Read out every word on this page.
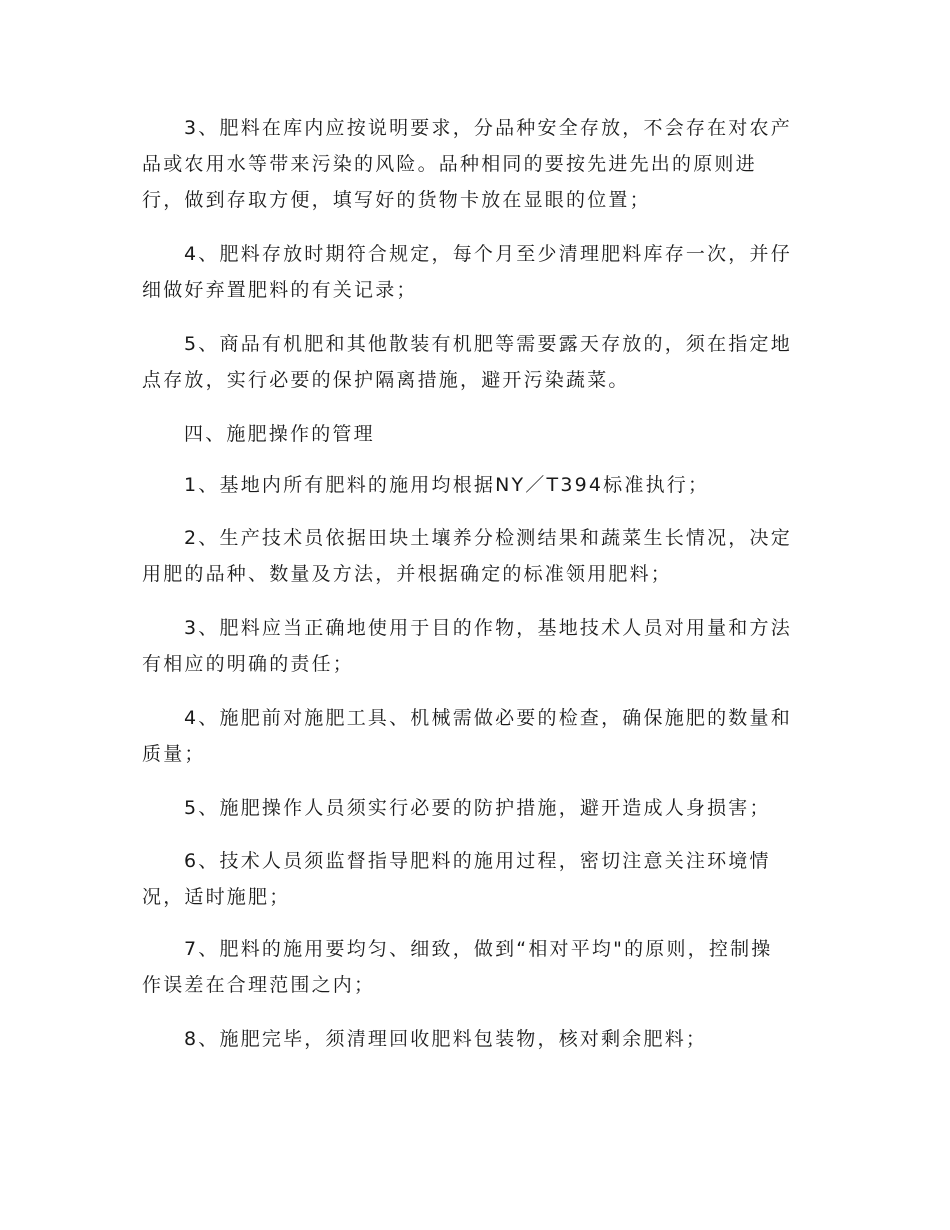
3、肥料在库内应按说明要求，分品种安全存放，不会存在对农产
品或农用水等带来污染的风险。品种相同的要按先进先出的原则进
行，做到存取方便，填写好的货物卡放在显眼的位置；
4、肥料存放时期符合规定，每个月至少清理肥料库存一次，并仔
细做好弃置肥料的有关记录；
5、商品有机肥和其他散装有机肥等需要露天存放的，须在指定地
点存放，实行必要的保护隔离措施，避开污染蔬菜。
四、施肥操作的管理
1、基地内所有肥料的施用均根据NY／T394标准执行；
2、生产技术员依据田块土壤养分检测结果和蔬菜生长情况，决定
用肥的品种、数量及方法，并根据确定的标准领用肥料；
3、肥料应当正确地使用于目的作物，基地技术人员对用量和方法
有相应的明确的责任；
4、施肥前对施肥工具、机械需做必要的检查，确保施肥的数量和
质量；
5、施肥操作人员须实行必要的防护措施，避开造成人身损害；
6、技术人员须监督指导肥料的施用过程，密切注意关注环境情
况，适时施肥；
7、肥料的施用要均匀、细致，做到“相对平均"的原则，控制操
作误差在合理范围之内；
8、施肥完毕，须清理回收肥料包装物，核对剩余肥料；
